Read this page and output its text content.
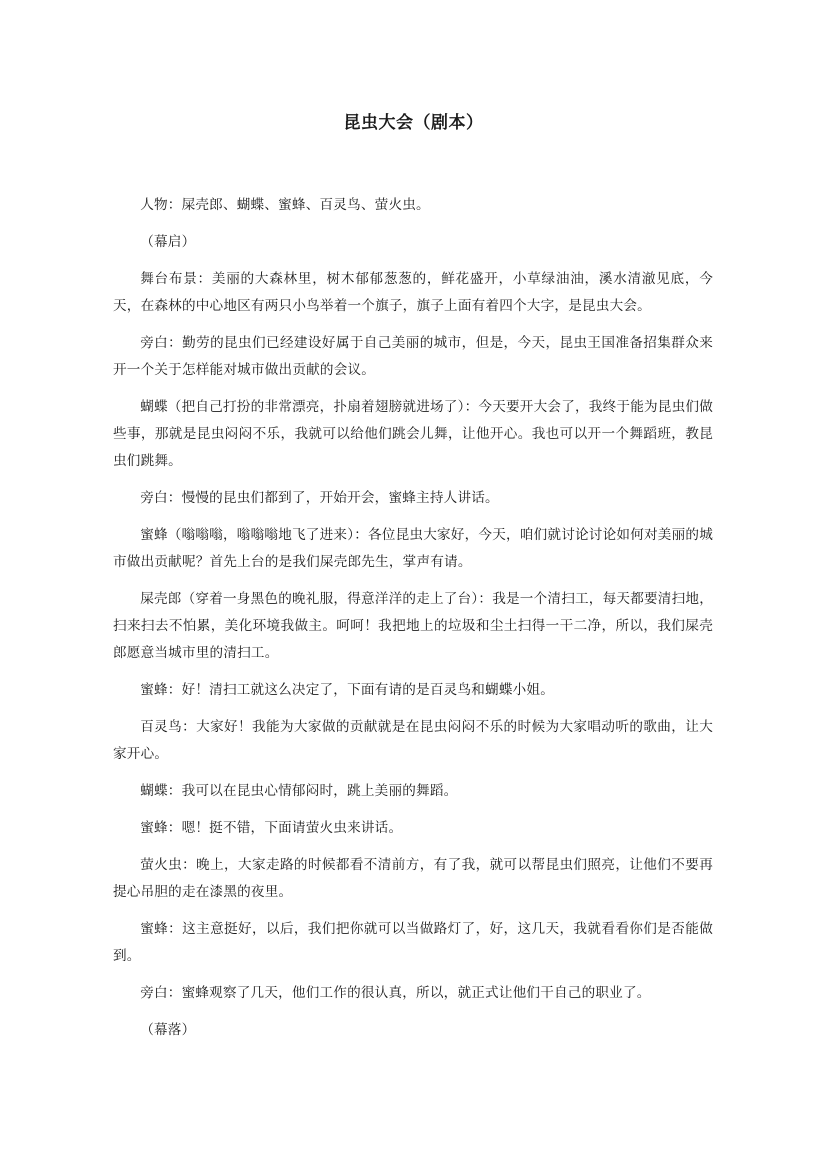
昆虫大会（剧本）

人物：屎壳郎、蝴蝶、蜜蜂、百灵鸟、萤火虫。

（幕启）

舞台布景：美丽的大森林里，树木郁郁葱葱的，鲜花盛开，小草绿油油，溪水清澈见底，今天，在森林的中心地区有两只小鸟举着一个旗子，旗子上面有着四个大字，是昆虫大会。

旁白：勤劳的昆虫们已经建设好属于自己美丽的城市，但是，今天，昆虫王国准备招集群众来开一个关于怎样能对城市做出贡献的会议。

蝴蝶（把自己打扮的非常漂亮，扑扇着翅膀就进场了）：今天要开大会了，我终于能为昆虫们做些事，那就是昆虫闷闷不乐，我就可以给他们跳会儿舞，让他开心。我也可以开一个舞蹈班，教昆虫们跳舞。

旁白：慢慢的昆虫们都到了，开始开会，蜜蜂主持人讲话。

蜜蜂（嗡嗡嗡，嗡嗡嗡地飞了进来）：各位昆虫大家好，今天，咱们就讨论讨论如何对美丽的城市做出贡献呢？首先上台的是我们屎壳郎先生，掌声有请。

屎壳郎（穿着一身黑色的晚礼服，得意洋洋的走上了台）：我是一个清扫工，每天都要清扫地，扫来扫去不怕累，美化环境我做主。呵呵！我把地上的垃圾和尘土扫得一干二净，所以，我们屎壳郎愿意当城市里的清扫工。

蜜蜂：好！清扫工就这么决定了，下面有请的是百灵鸟和蝴蝶小姐。

百灵鸟：大家好！我能为大家做的贡献就是在昆虫闷闷不乐的时候为大家唱动听的歌曲，让大家开心。

蝴蝶：我可以在昆虫心情郁闷时，跳上美丽的舞蹈。

蜜蜂：嗯！挺不错，下面请萤火虫来讲话。

萤火虫：晚上，大家走路的时候都看不清前方，有了我，就可以帮昆虫们照亮，让他们不要再提心吊胆的走在漆黑的夜里。

蜜蜂：这主意挺好，以后，我们把你就可以当做路灯了，好，这几天，我就看看你们是否能做到。

旁白：蜜蜂观察了几天，他们工作的很认真，所以，就正式让他们干自己的职业了。

（幕落）
